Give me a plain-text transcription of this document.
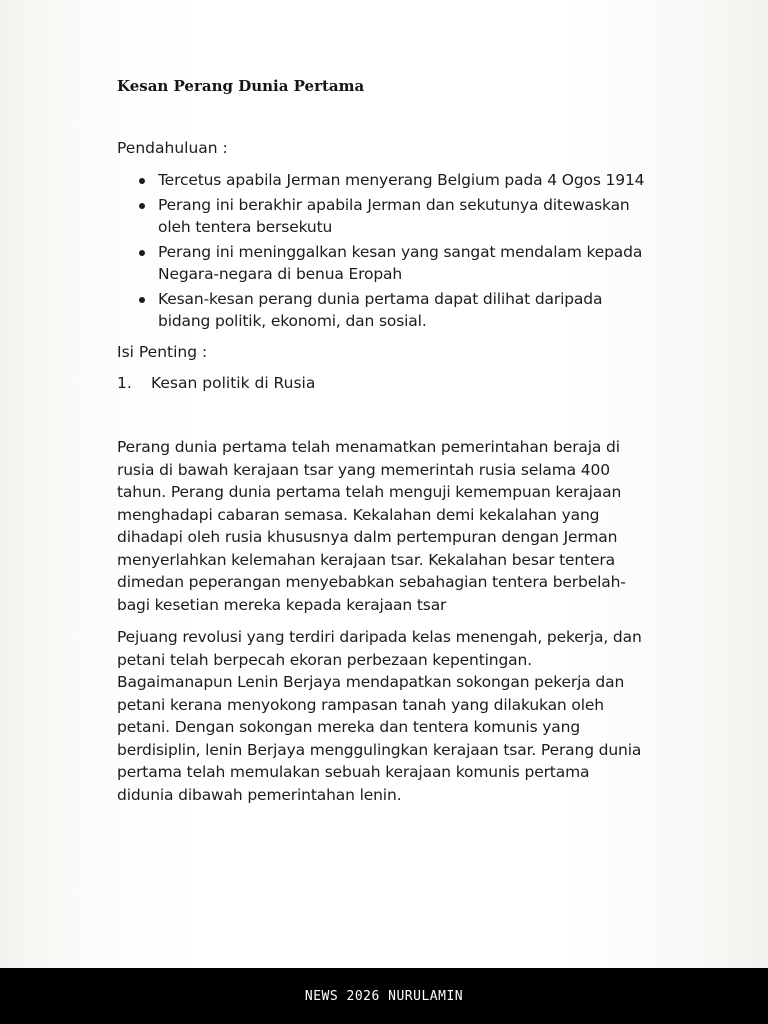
Kesan Perang Dunia Pertama

Pendahuluan :

Tercetus apabila Jerman menyerang Belgium pada 4 Ogos 1914
Perang ini berakhir apabila Jerman dan sekutunya ditewaskan oleh tentera bersekutu
Perang ini meninggalkan kesan yang sangat mendalam kepada Negara-negara di benua Eropah
Kesan-kesan perang dunia pertama dapat dilihat daripada bidang politik, ekonomi, dan sosial.

Isi Penting :

1. Kesan politik di Rusia

Perang dunia pertama telah menamatkan pemerintahan beraja di rusia di bawah kerajaan tsar yang memerintah rusia selama 400 tahun. Perang dunia pertama telah menguji kemempuan kerajaan menghadapi cabaran semasa. Kekalahan demi kekalahan yang dihadapi oleh rusia khususnya dalm pertempuran dengan Jerman menyerlahkan kelemahan kerajaan tsar. Kekalahan besar tentera dimedan peperangan menyebabkan sebahagian tentera berbelah-bagi kesetian mereka kepada kerajaan tsar

Pejuang revolusi yang terdiri daripada kelas menengah, pekerja, dan petani telah berpecah ekoran perbezaan kepentingan. Bagaimanapun Lenin Berjaya mendapatkan sokongan pekerja dan petani kerana menyokong rampasan tanah yang dilakukan oleh petani. Dengan sokongan mereka dan tentera komunis yang berdisiplin, lenin Berjaya menggulingkan kerajaan tsar. Perang dunia pertama telah memulakan sebuah kerajaan komunis pertama didunia dibawah pemerintahan lenin.

NEWS 2026 NURULAMIN
